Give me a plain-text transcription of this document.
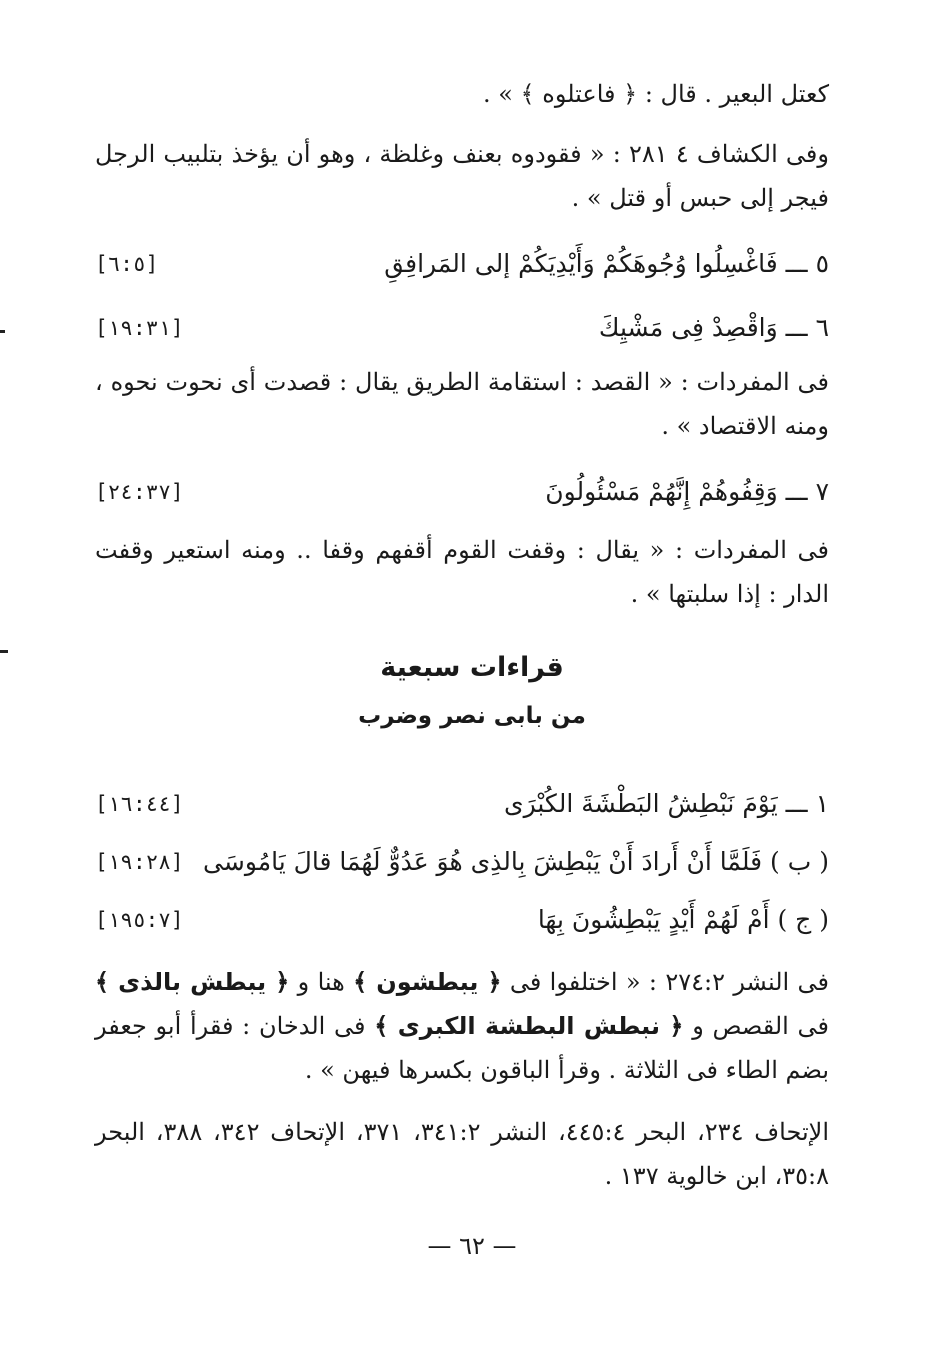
كعتل البعير . قال : ﴿ فاعتلوه ﴾ » .
وفى الكشاف ٤ ٢٨١ : « فقودوه بعنف وغلظة ، وهو أن يؤخذ بتلبيب الرجل فيجر إلى حبس أو قتل » .
٥ ـــ فَاغْسِلُوا وُجُوهَكُمْ وَأَيْدِيَكُمْ إلى المَرافِقِ
[٦:٥]
٦ ـــ وَاقْصِدْ فِى مَشْيِكَ
[١٩:٣١]
فى المفردات : « القصد : استقامة الطريق يقال : قصدت أى نحوت نحوه ، ومنه الاقتصاد » .
٧ ـــ وَقِفُوهُمْ إِنَّهُمْ مَسْئُولُونَ
[٢٤:٣٧]
فى المفردات : « يقال : وقفت القوم أقفهم وقفا .. ومنه استعير وقفت الدار : إذا سلبتها » .
قراءات سبعية
من بابى نصر وضرب
١ ـــ يَوْمَ نَبْطِشُ البَطْشَةَ الكُبْرَى
[١٦:٤٤]
( ب ) فَلَمَّا أَنْ أَرادَ أَنْ يَبْطِشَ بِالذِى هُوَ عَدُوٌّ لَهُمَا قالَ يَامُوسَى
[١٩:٢٨]
( ج ) أَمْ لَهُمْ أَيْدٍ يَبْطِشُونَ بِهَا
[١٩٥:٧]
فى النشر ٢٧٤:٢ : « اختلفوا فى ﴿ يبطشون ﴾ هنا و ﴿ يبطش بالذى ﴾ فى القصص و ﴿ نبطش البطشة الكبرى ﴾ فى الدخان : فقرأ أبو جعفر بضم الطاء فى الثلاثة . وقرأ الباقون بكسرها فيهن » .
الإتحاف ٢٣٤، البحر ٤٤٥:٤، النشر ٣٤١:٢، ٣٧١، الإتحاف ٣٤٢، ٣٨٨، البحر ٣٥:٨، ابن خالوية ١٣٧ .
— ٦٢ —
